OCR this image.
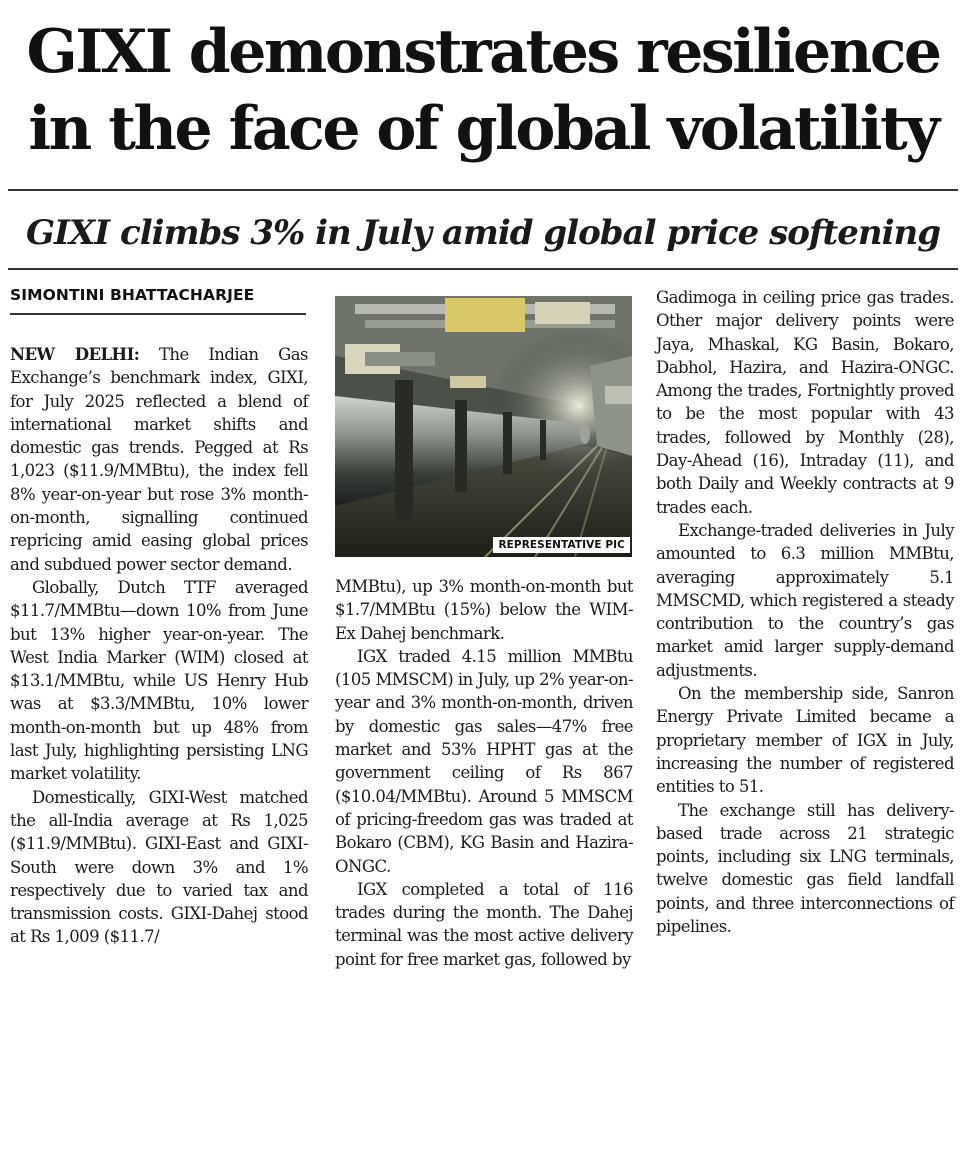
GIXI demonstrates resilience
in the face of global volatility
GIXI climbs 3% in July amid global price softening
SIMONTINI BHATTACHARJEE

NEW DELHI: The Indian Gas Exchange’s benchmark index, GIXI, for July 2025 reflected a blend of international market shifts and domestic gas trends. Pegged at Rs 1,023 ($11.9/MMBtu), the index fell 8% year-on-year but rose 3% month-on-month, signalling continued repricing amid easing global prices and subdued power sector demand.

Globally, Dutch TTF averaged $11.7/MMBtu—down 10% from June but 13% higher year-on-year. The West India Marker (WIM) closed at $13.1/MMBtu, while US Henry Hub was at $3.3/MMBtu, 10% lower month-on-month but up 48% from last July, highlighting persisting LNG market volatility.

Domestically, GIXI-West matched the all-India average at Rs 1,025 ($11.9/MMBtu). GIXI-East and GIXI-South were down 3% and 1% respectively due to varied tax and transmission costs. GIXI-Dahej stood at Rs 1,009 ($11.7/

REPRESENTATIVE PIC

MMBtu), up 3% month-on-month but $1.7/MMBtu (15%) below the WIM-Ex Dahej benchmark.

IGX traded 4.15 million MMBtu (105 MMSCM) in July, up 2% year-on-year and 3% month-on-month, driven by domestic gas sales—47% free market and 53% HPHT gas at the government ceiling of Rs 867 ($10.04/MMBtu). Around 5 MMSCM of pricing-freedom gas was traded at Bokaro (CBM), KG Basin and Hazira-ONGC.

IGX completed a total of 116 trades during the month. The Dahej terminal was the most active delivery point for free market gas, followed by

Gadimoga in ceiling price gas trades. Other major delivery points were Jaya, Mhaskal, KG Basin, Bokaro, Dabhol, Hazira, and Hazira-ONGC. Among the trades, Fortnightly proved to be the most popular with 43 trades, followed by Monthly (28), Day-Ahead (16), Intraday (11), and both Daily and Weekly contracts at 9 trades each.

Exchange-traded deliveries in July amounted to 6.3 million MMBtu, averaging approximately 5.1 MMSCMD, which registered a steady contribution to the country’s gas market amid larger supply-demand adjustments.

On the membership side, Sanron Energy Private Limited became a proprietary member of IGX in July, increasing the number of registered entities to 51.

The exchange still has delivery-based trade across 21 strategic points, including six LNG terminals, twelve domestic gas field landfall points, and three interconnections of pipelines.
